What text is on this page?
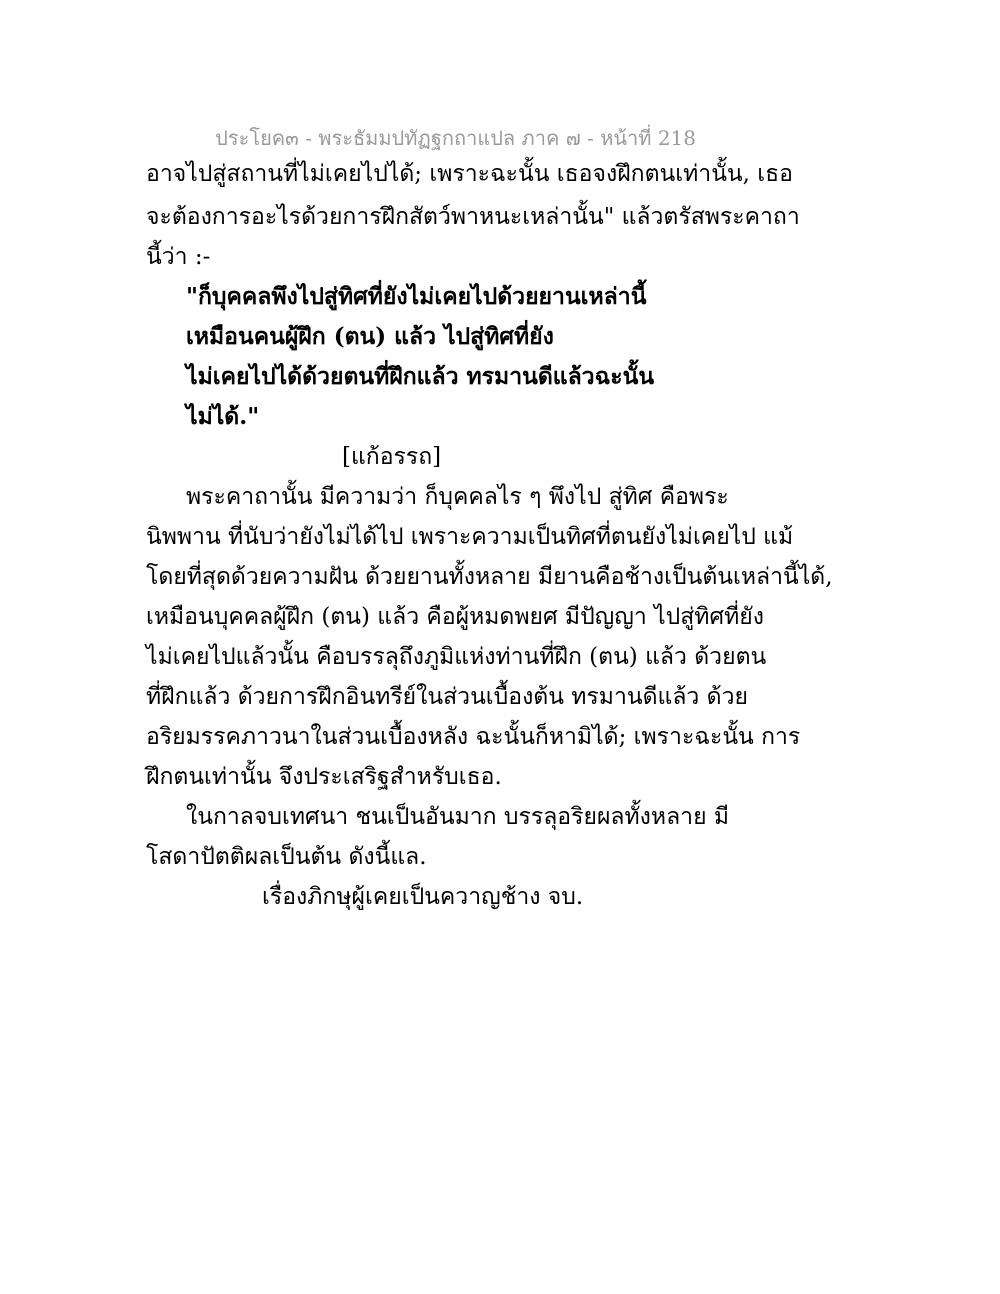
ประโยค๓ - พระธัมมปทัฏฐกถาแปล ภาค ๗ - หน้าที่ 218
อาจไปสู่สถานที่ไม่เคยไปได้; เพราะฉะนั้น เธอจงฝึกตนเท่านั้น, เธอ
จะต้องการอะไรด้วยการฝึกสัตว์พาหนะเหล่านั้น" แล้วตรัสพระคาถา
นี้ว่า :-
"ก็บุคคลพึงไปสู่ทิศที่ยังไม่เคยไปด้วยยานเหล่านี้
เหมือนคนผู้ฝึก (ตน) แล้ว ไปสู่ทิศที่ยัง
ไม่เคยไปได้ด้วยตนที่ฝึกแล้ว ทรมานดีแล้วฉะนั้น
ไม่ได้."
[แก้อรรถ]
พระคาถานั้น มีความว่า ก็บุคคลไร ๆ พึงไป สู่ทิศ คือพระ
นิพพาน ที่นับว่ายังไม่ได้ไป เพราะความเป็นทิศที่ตนยังไม่เคยไป แม้
โดยที่สุดด้วยความฝัน ด้วยยานทั้งหลาย มียานคือช้างเป็นต้นเหล่านี้ได้,
เหมือนบุคคลผู้ฝึก (ตน) แล้ว คือผู้หมดพยศ มีปัญญา ไปสู่ทิศที่ยัง
ไม่เคยไปแล้วนั้น คือบรรลุถึงภูมิแห่งท่านที่ฝึก (ตน) แล้ว ด้วยตน
ที่ฝึกแล้ว ด้วยการฝึกอินทรีย์ในส่วนเบื้องต้น ทรมานดีแล้ว ด้วย
อริยมรรคภาวนาในส่วนเบื้องหลัง ฉะนั้นก็หามิได้; เพราะฉะนั้น การ
ฝึกตนเท่านั้น จึงประเสริฐสำหรับเธอ.
ในกาลจบเทศนา ชนเป็นอันมาก บรรลุอริยผลทั้งหลาย มี
โสดาปัตติผลเป็นต้น ดังนี้แล.
เรื่องภิกษุผู้เคยเป็นควาญช้าง จบ.
